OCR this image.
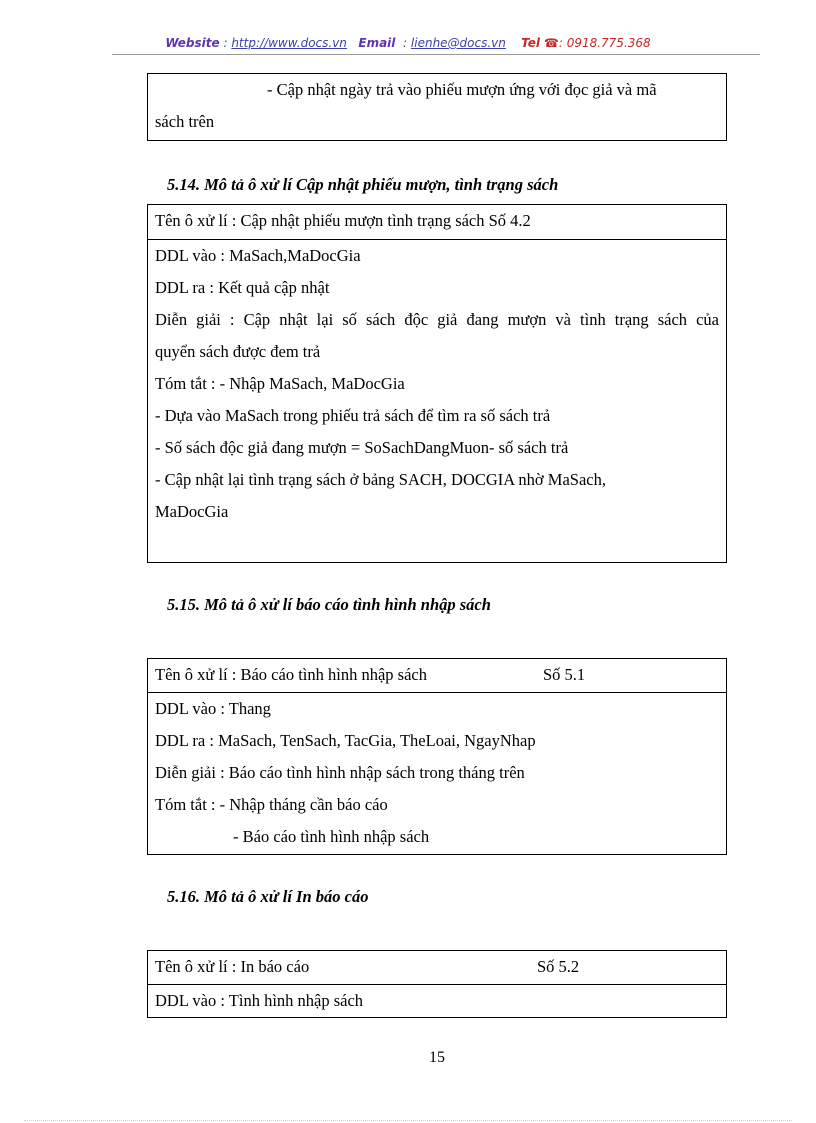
Website : http://www.docs.vn Email  : lienhe@docs.vn Tel ☎: 0918.775.368
- Cập nhật ngày trả vào phiếu mượn ứng với đọc giả và mã
sách trên
5.14. Mô tả ô xử lí Cập nhật phiếu mượn, tình trạng sách
Tên ô xử lí : Cập nhật phiếu mượn tình trạng sách Số 4.2
DDL vào : MaSach,MaDocGia
DDL ra : Kết quả cập nhật
Diễn giải : Cập nhật lại số sách độc giả đang mượn và tình trạng sách của
quyển sách được đem trả
Tóm tắt : - Nhập MaSach, MaDocGia
- Dựa vào MaSach trong phiếu trả sách để tìm ra số sách trả
- Số sách độc giả đang mượn = SoSachDangMuon- số sách trả
- Cập nhật lại tình trạng sách ở bảng SACH, DOCGIA nhờ MaSach,
MaDocGia
5.15. Mô tả ô xử lí báo cáo tình hình nhập sách
Tên ô xử lí : Báo cáo tình hình nhập sách	Số 5.1
DDL vào : Thang
DDL ra : MaSach, TenSach, TacGia, TheLoai, NgayNhap
Diễn giải : Báo cáo tình hình nhập sách trong tháng trên
Tóm tắt : - Nhập tháng cần báo cáo
- Báo cáo tình hình nhập sách
5.16. Mô tả ô xử lí In báo cáo
Tên ô xử lí : In báo cáo	Số 5.2
DDL vào : Tình hình nhập sách
15
